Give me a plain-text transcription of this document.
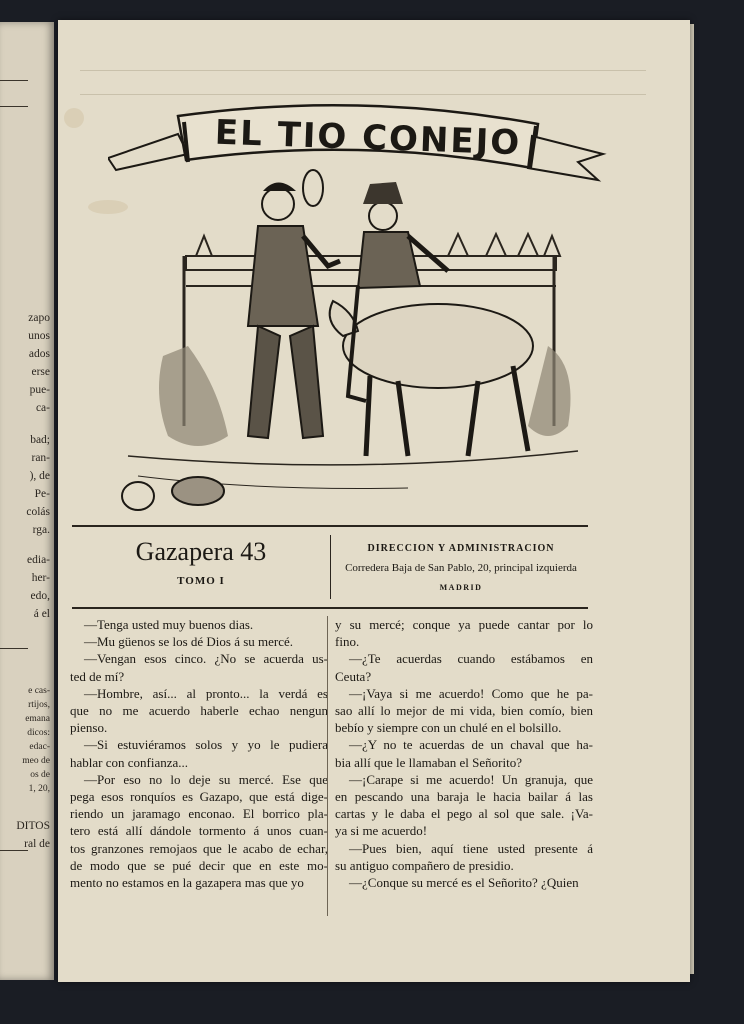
zapo
unos
ados
erse
pue-
ca-
bad;
ran-
), de
Pe-
colás
rga.
edia-
her-
edo,
á el
e cas-
rtijos,
emana
dicos:
edac-
meo de
os de
1, 20,
DITOS
ral de
EL TIO CONEJO
Gazapera 43
TOMO I
DIRECCION Y ADMINISTRACION
Corredera Baja de San Pablo, 20, principal izquierda
MADRID
—Tenga usted muy buenos dias.
—Mu güenos se los dé Dios á su mercé.
—Vengan esos cinco. ¿No se acuerda us-
ted de mí?
—Hombre, así... al pronto... la verdá es
que no me acuerdo haberle echao nengun
pienso.
—Si estuviéramos solos y yo le pudiera
hablar con confianza...
—Por eso no lo deje su mercé. Ese que
pega esos ronquíos es Gazapo, que está dige-
riendo un jaramago enconao. El borrico pla-
tero está allí dándole tormento á unos cuan-
tos granzones remojaos que le acabo de echar,
de modo que se pué decir que en este mo-
mento no estamos en la gazapera mas que yo
y su mercé; conque ya puede cantar por lo
fino.
—¿Te acuerdas cuando estábamos en
Ceuta?
—¡Vaya si me acuerdo! Como que he pa-
sao allí lo mejor de mi vida, bien comío, bien
bebío y siempre con un chulé en el bolsillo.
—¿Y no te acuerdas de un chaval que ha-
bia allí que le llamaban el Señorito?
—¡Carape si me acuerdo! Un granuja, que
en pescando una baraja le hacia bailar á las
cartas y le daba el pego al sol que sale. ¡Va-
ya si me acuerdo!
—Pues bien, aquí tiene usted presente á
su antiguo compañero de presidio.
—¿Conque su mercé es el Señorito? ¿Quien
